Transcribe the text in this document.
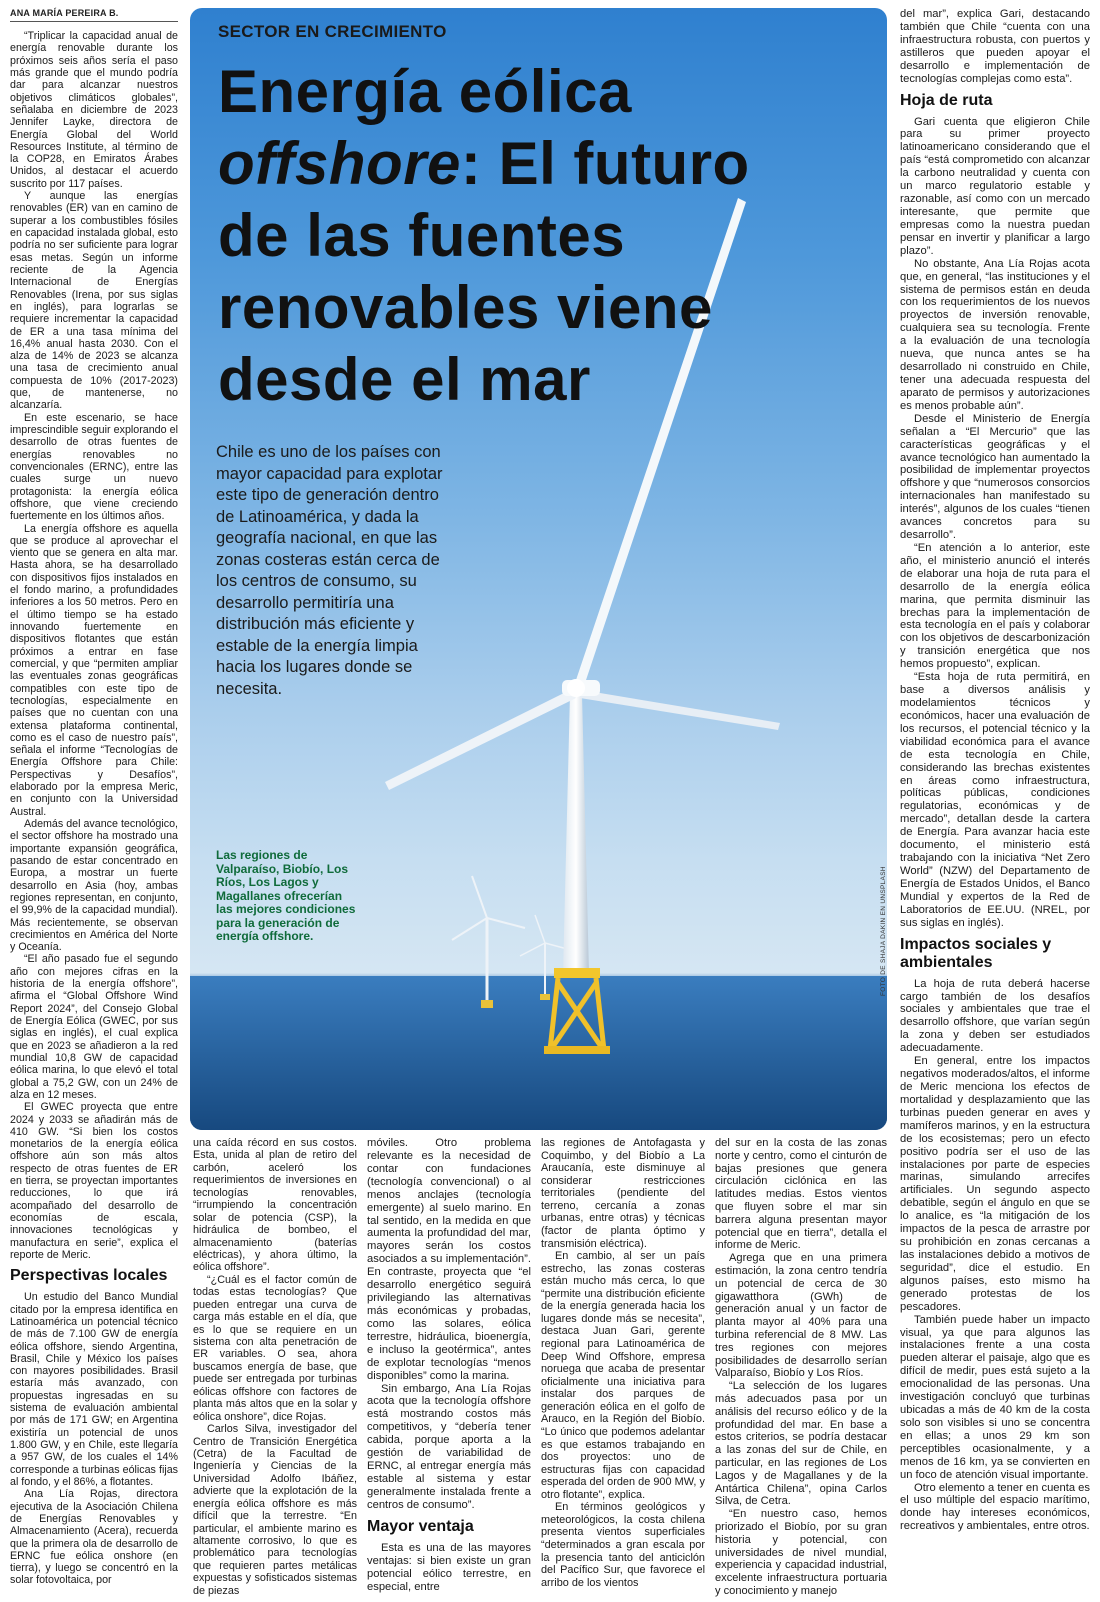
ANA MARÍA PEREIRA B.

“Triplicar la capacidad anual de energía renovable durante los próximos seis años sería el paso más grande que el mundo podría dar para alcanzar nuestros objetivos climáticos globales”, señalaba en diciembre de 2023 Jennifer Layke, directora de Energía Global del World Resources Institute, al término de la COP28, en Emiratos Árabes Unidos, al destacar el acuerdo suscrito por 117 países.

Y aunque las energías renovables (ER) van en camino de superar a los combustibles fósiles en capacidad instalada global, esto podría no ser suficiente para lograr esas metas. Según un informe reciente de la Agencia Internacional de Energías Renovables (Irena, por sus siglas en inglés), para lograrlas se requiere incrementar la capacidad de ER a una tasa mínima del 16,4% anual hasta 2030. Con el alza de 14% de 2023 se alcanza una tasa de crecimiento anual compuesta de 10% (2017-2023) que, de mantenerse, no alcanzaría.

En este escenario, se hace imprescindible seguir explorando el desarrollo de otras fuentes de energías renovables no convencionales (ERNC), entre las cuales surge un nuevo protagonista: la energía eólica offshore, que viene creciendo fuertemente en los últimos años.

La energía offshore es aquella que se produce al aprovechar el viento que se genera en alta mar. Hasta ahora, se ha desarrollado con dispositivos fijos instalados en el fondo marino, a profundidades inferiores a los 50 metros. Pero en el último tiempo se ha estado innovando fuertemente en dispositivos flotantes que están próximos a entrar en fase comercial, y que “permiten ampliar las eventuales zonas geográficas compatibles con este tipo de tecnologías, especialmente en países que no cuentan con una extensa plataforma continental, como es el caso de nuestro país”, señala el informe “Tecnologías de Energía Offshore para Chile: Perspectivas y Desafíos”, elaborado por la empresa Meric, en conjunto con la Universidad Austral.

Además del avance tecnológico, el sector offshore ha mostrado una importante expansión geográfica, pasando de estar concentrado en Europa, a mostrar un fuerte desarrollo en Asia (hoy, ambas regiones representan, en conjunto, el 99,9% de la capacidad mundial). Más recientemente, se observan crecimientos en América del Norte y Oceanía.

“El año pasado fue el segundo año con mejores cifras en la historia de la energía offshore”, afirma el “Global Offshore Wind Report 2024”, del Consejo Global de Energía Eólica (GWEC, por sus siglas en inglés), el cual explica que en 2023 se añadieron a la red mundial 10,8 GW de capacidad eólica marina, lo que elevó el total global a 75,2 GW, con un 24% de alza en 12 meses.

El GWEC proyecta que entre 2024 y 2033 se añadirán más de 410 GW. “Si bien los costos monetarios de la energía eólica offshore aún son más altos respecto de otras fuentes de ER en tierra, se proyectan importantes reducciones, lo que irá acompañado del desarrollo de economías de escala, innovaciones tecnológicas y manufactura en serie”, explica el reporte de Meric.

Perspectivas locales

Un estudio del Banco Mundial citado por la empresa identifica en Latinoamérica un potencial técnico de más de 7.100 GW de energía eólica offshore, siendo Argentina, Brasil, Chile y México los países con mayores posibilidades. Brasil estaría más avanzado, con propuestas ingresadas en su sistema de evaluación ambiental por más de 171 GW; en Argentina existiría un potencial de unos 1.800 GW, y en Chile, este llegaría a 957 GW, de los cuales el 14% corresponde a turbinas eólicas fijas al fondo, y el 86%, a flotantes.

Ana Lía Rojas, directora ejecutiva de la Asociación Chilena de Energías Renovables y Almacenamiento (Acera), recuerda que la primera ola de desarrollo de ERNC fue eólica onshore (en tierra), y luego se concentró en la solar fotovoltaica, por

SECTOR EN CRECIMIENTO
Energía eólica
offshore: El futuro
de las fuentes
renovables viene
desde el mar

Chile es uno de los países con mayor capacidad para explotar este tipo de generación dentro de Latinoamérica, y dada la geografía nacional, en que las zonas costeras están cerca de los centros de consumo, su desarrollo permitiría una distribución más eficiente y estable de la energía limpia hacia los lugares donde se necesita.

Las regiones de Valparaíso, Biobío, Los Ríos, Los Lagos y Magallanes ofrecerían las mejores condiciones para la generación de energía offshore.	FOTO DE SHAJA DAKIN EN UNSPLASH

una caída récord en sus costos. Esta, unida al plan de retiro del carbón, aceleró los requerimientos de inversiones en tecnologías renovables, “irrumpiendo la concentración solar de potencia (CSP), la hidráulica de bombeo, el almacenamiento (baterías eléctricas), y ahora último, la eólica offshore”.

“¿Cuál es el factor común de todas estas tecnologías? Que pueden entregar una curva de carga más estable en el día, que es lo que se requiere en un sistema con alta penetración de ER variables. O sea, ahora buscamos energía de base, que puede ser entregada por turbinas eólicas offshore con factores de planta más altos que en la solar y eólica onshore”, dice Rojas.

Carlos Silva, investigador del Centro de Transición Energética (Cetra) de la Facultad de Ingeniería y Ciencias de la Universidad Adolfo Ibáñez, advierte que la explotación de la energía eólica offshore es más difícil que la terrestre. “En particular, el ambiente marino es altamente corrosivo, lo que es problemático para tecnologías que requieren partes metálicas expuestas y sofisticados sistemas de piezas

móviles. Otro problema relevante es la necesidad de contar con fundaciones (tecnología convencional) o al menos anclajes (tecnología emergente) al suelo marino. En tal sentido, en la medida en que aumenta la profundidad del mar, mayores serán los costos asociados a su implementación”. En contraste, proyecta que “el desarrollo energético seguirá privilegiando las alternativas más económicas y probadas, como las solares, eólica terrestre, hidráulica, bioenergía, e incluso la geotérmica”, antes de explotar tecnologías “menos disponibles” como la marina.

Sin embargo, Ana Lía Rojas acota que la tecnología offshore está mostrando costos más competitivos, y “debería tener cabida, porque aporta a la gestión de variabilidad de ERNC, al entregar energía más estable al sistema y estar generalmente instalada frente a centros de consumo”.

Mayor ventaja

Esta es una de las mayores ventajas: si bien existe un gran potencial eólico terrestre, en especial, entre

las regiones de Antofagasta y Coquimbo, y del Biobío a La Araucanía, este disminuye al considerar restricciones territoriales (pendiente del terreno, cercanía a zonas urbanas, entre otras) y técnicas (factor de planta óptimo y transmisión eléctrica).

En cambio, al ser un país estrecho, las zonas costeras están mucho más cerca, lo que “permite una distribución eficiente de la energía generada hacia los lugares donde más se necesita”, destaca Juan Gari, gerente regional para Latinoamérica de Deep Wind Offshore, empresa noruega que acaba de presentar oficialmente una iniciativa para instalar dos parques de generación eólica en el golfo de Arauco, en la Región del Biobío. “Lo único que podemos adelantar es que estamos trabajando en dos proyectos: uno de estructuras fijas con capacidad esperada del orden de 900 MW, y otro flotante”, explica.

En términos geológicos y meteorológicos, la costa chilena presenta vientos superficiales “determinados a gran escala por la presencia tanto del anticiclón del Pacífico Sur, que favorece el arribo de los vientos

del sur en la costa de las zonas norte y centro, como el cinturón de bajas presiones que genera circulación ciclónica en las latitudes medias. Estos vientos que fluyen sobre el mar sin barrera alguna presentan mayor potencial que en tierra”, detalla el informe de Meric.

Agrega que en una primera estimación, la zona centro tendría un potencial de cerca de 30 gigawatthora (GWh) de generación anual y un factor de planta mayor al 40% para una turbina referencial de 8 MW. Las tres regiones con mejores posibilidades de desarrollo serían Valparaíso, Biobío y Los Ríos.

“La selección de los lugares más adecuados pasa por un análisis del recurso eólico y de la profundidad del mar. En base a estos criterios, se podría destacar a las zonas del sur de Chile, en particular, en las regiones de Los Lagos y de Magallanes y de la Antártica Chilena”, opina Carlos Silva, de Cetra.

“En nuestro caso, hemos priorizado el Biobío, por su gran historia y potencial, con universidades de nivel mundial, experiencia y capacidad industrial, excelente infraestructura portuaria y conocimiento y manejo

del mar”, explica Gari, destacando también que Chile “cuenta con una infraestructura robusta, con puertos y astilleros que pueden apoyar el desarrollo e implementación de tecnologías complejas como esta”.

Hoja de ruta

Gari cuenta que eligieron Chile para su primer proyecto latinoamericano considerando que el país “está comprometido con alcanzar la carbono neutralidad y cuenta con un marco regulatorio estable y razonable, así como con un mercado interesante, que permite que empresas como la nuestra puedan pensar en invertir y planificar a largo plazo”.

No obstante, Ana Lía Rojas acota que, en general, “las instituciones y el sistema de permisos están en deuda con los requerimientos de los nuevos proyectos de inversión renovable, cualquiera sea su tecnología. Frente a la evaluación de una tecnología nueva, que nunca antes se ha desarrollado ni construido en Chile, tener una adecuada respuesta del aparato de permisos y autorizaciones es menos probable aún”.

Desde el Ministerio de Energía señalan a “El Mercurio” que las características geográficas y el avance tecnológico han aumentado la posibilidad de implementar proyectos offshore y que “numerosos consorcios internacionales han manifestado su interés”, algunos de los cuales “tienen avances concretos para su desarrollo”.

“En atención a lo anterior, este año, el ministerio anunció el interés de elaborar una hoja de ruta para el desarrollo de la energía eólica marina, que permita disminuir las brechas para la implementación de esta tecnología en el país y colaborar con los objetivos de descarbonización y transición energética que nos hemos propuesto”, explican.

“Esta hoja de ruta permitirá, en base a diversos análisis y modelamientos técnicos y económicos, hacer una evaluación de los recursos, el potencial técnico y la viabilidad económica para el avance de esta tecnología en Chile, considerando las brechas existentes en áreas como infraestructura, políticas públicas, condiciones regulatorias, económicas y de mercado”, detallan desde la cartera de Energía. Para avanzar hacia este documento, el ministerio está trabajando con la iniciativa “Net Zero World” (NZW) del Departamento de Energía de Estados Unidos, el Banco Mundial y expertos de la Red de Laboratorios de EE.UU. (NREL, por sus siglas en inglés).

Impactos sociales y ambientales

La hoja de ruta deberá hacerse cargo también de los desafíos sociales y ambientales que trae el desarrollo offshore, que varían según la zona y deben ser estudiados adecuadamente.

En general, entre los impactos negativos moderados/altos, el informe de Meric menciona los efectos de mortalidad y desplazamiento que las turbinas pueden generar en aves y mamíferos marinos, y en la estructura de los ecosistemas; pero un efecto positivo podría ser el uso de las instalaciones por parte de especies marinas, simulando arrecifes artificiales. Un segundo aspecto debatible, según el ángulo en que se lo analice, es “la mitigación de los impactos de la pesca de arrastre por su prohibición en zonas cercanas a las instalaciones debido a motivos de seguridad”, dice el estudio. En algunos países, esto mismo ha generado protestas de los pescadores.

También puede haber un impacto visual, ya que para algunos las instalaciones frente a una costa pueden alterar el paisaje, algo que es difícil de medir, pues está sujeto a la emocionalidad de las personas. Una investigación concluyó que turbinas ubicadas a más de 40 km de la costa solo son visibles si uno se concentra en ellas; a unos 29 km son perceptibles ocasionalmente, y a menos de 16 km, ya se convierten en un foco de atención visual importante.

Otro elemento a tener en cuenta es el uso múltiple del espacio marítimo, donde hay intereses económicos, recreativos y ambientales, entre otros.
